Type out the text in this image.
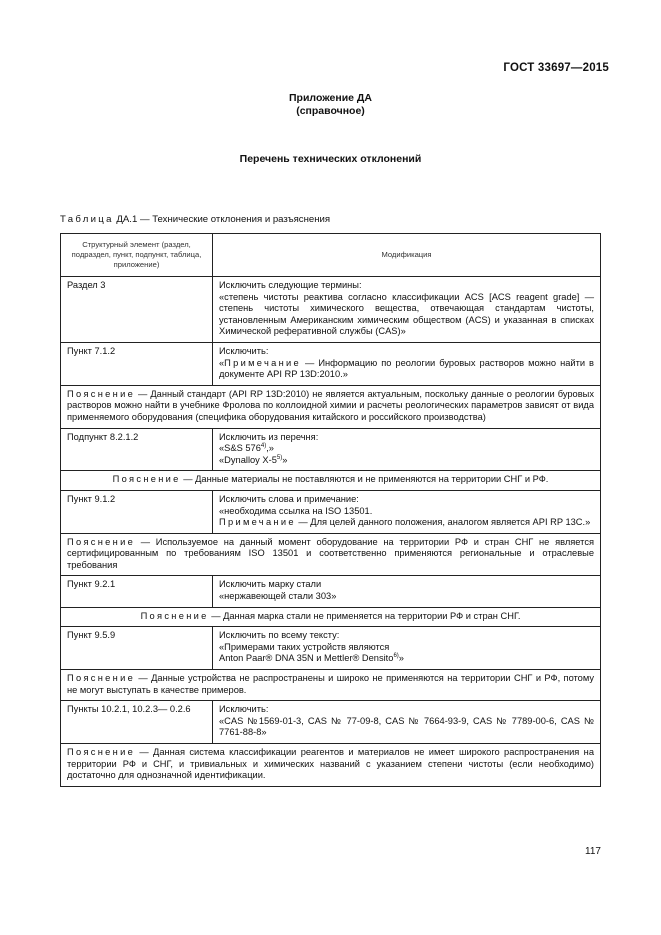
ГОСТ 33697—2015
Приложение ДА
(справочное)
Перечень технических отклонений
Таблица ДА.1 — Технические отклонения и разъяснения
Структурный элемент (раздел, подраздел, пункт, подпункт, таблица, приложение)	Модификация
Раздел 3	Исключить следующие термины:
«степень чистоты реактива согласно классификации ACS [ACS reagent grade] — степень чистоты химического вещества, отвечающая стандартам чистоты, установленным Американским химическим обществом (ACS) и указанная в списках Химической реферативной службы (CAS)»

Пункт 7.1.2	Исключить:
«Примечание — Информацию по реологии буровых растворов можно найти в документе API RP 13D:2010.»

Пояснение — Данный стандарт (API RP 13D:2010) не является актуальным, поскольку данные о реологии буровых растворов можно найти в учебнике Фролова по коллоидной химии и расчеты реологических параметров зависят от вида применяемого оборудования (специфика оборудования китайского и российского производства)	
Подпункт 8.2.1.2	Исключить из перечня:
«S&S 576$^{4)}$,»
«Dynalloy X-5$^{5)}$»

Пояснение — Данные материалы не поставляются и не применяются на территории СНГ и РФ.	
Пункт 9.1.2	Исключить слова и примечание:
«необходима ссылка на ISO 13501.
Примечание — Для целей данного положения, аналогом является API RP 13C.»

Пояснение — Используемое на данный момент оборудование на территории РФ и стран СНГ не является сертифицированным по требованиям ISO 13501 и соответственно применяются региональные и отраслевые требования	
Пункт 9.2.1	Исключить марку стали
«нержавеющей стали 303»

Пояснение — Данная марка стали не применяется на территории РФ и стран СНГ.	
Пункт 9.5.9	Исключить по всему тексту:
«Примерами таких устройств являются
Anton Paar® DNA 35N и Mettler® Densito$^{6)}$»

Пояснение — Данные устройства не распространены и широко не применяются на территории СНГ и РФ, потому не могут выступать в качестве примеров.	
Пункты 10.2.1, 10.2.3— 0.2.6	Исключить:
«CAS №1569-01-3, CAS № 77-09-8, CAS № 7664-93-9, CAS № 7789-00-6, CAS № 7761-88-8»

Пояснение — Данная система классификации реагентов и материалов не имеет широкого распространения на территории РФ и СНГ, и тривиальных и химических названий с указанием степени чистоты (если необходимо) достаточно для однозначной идентификации.	
117
